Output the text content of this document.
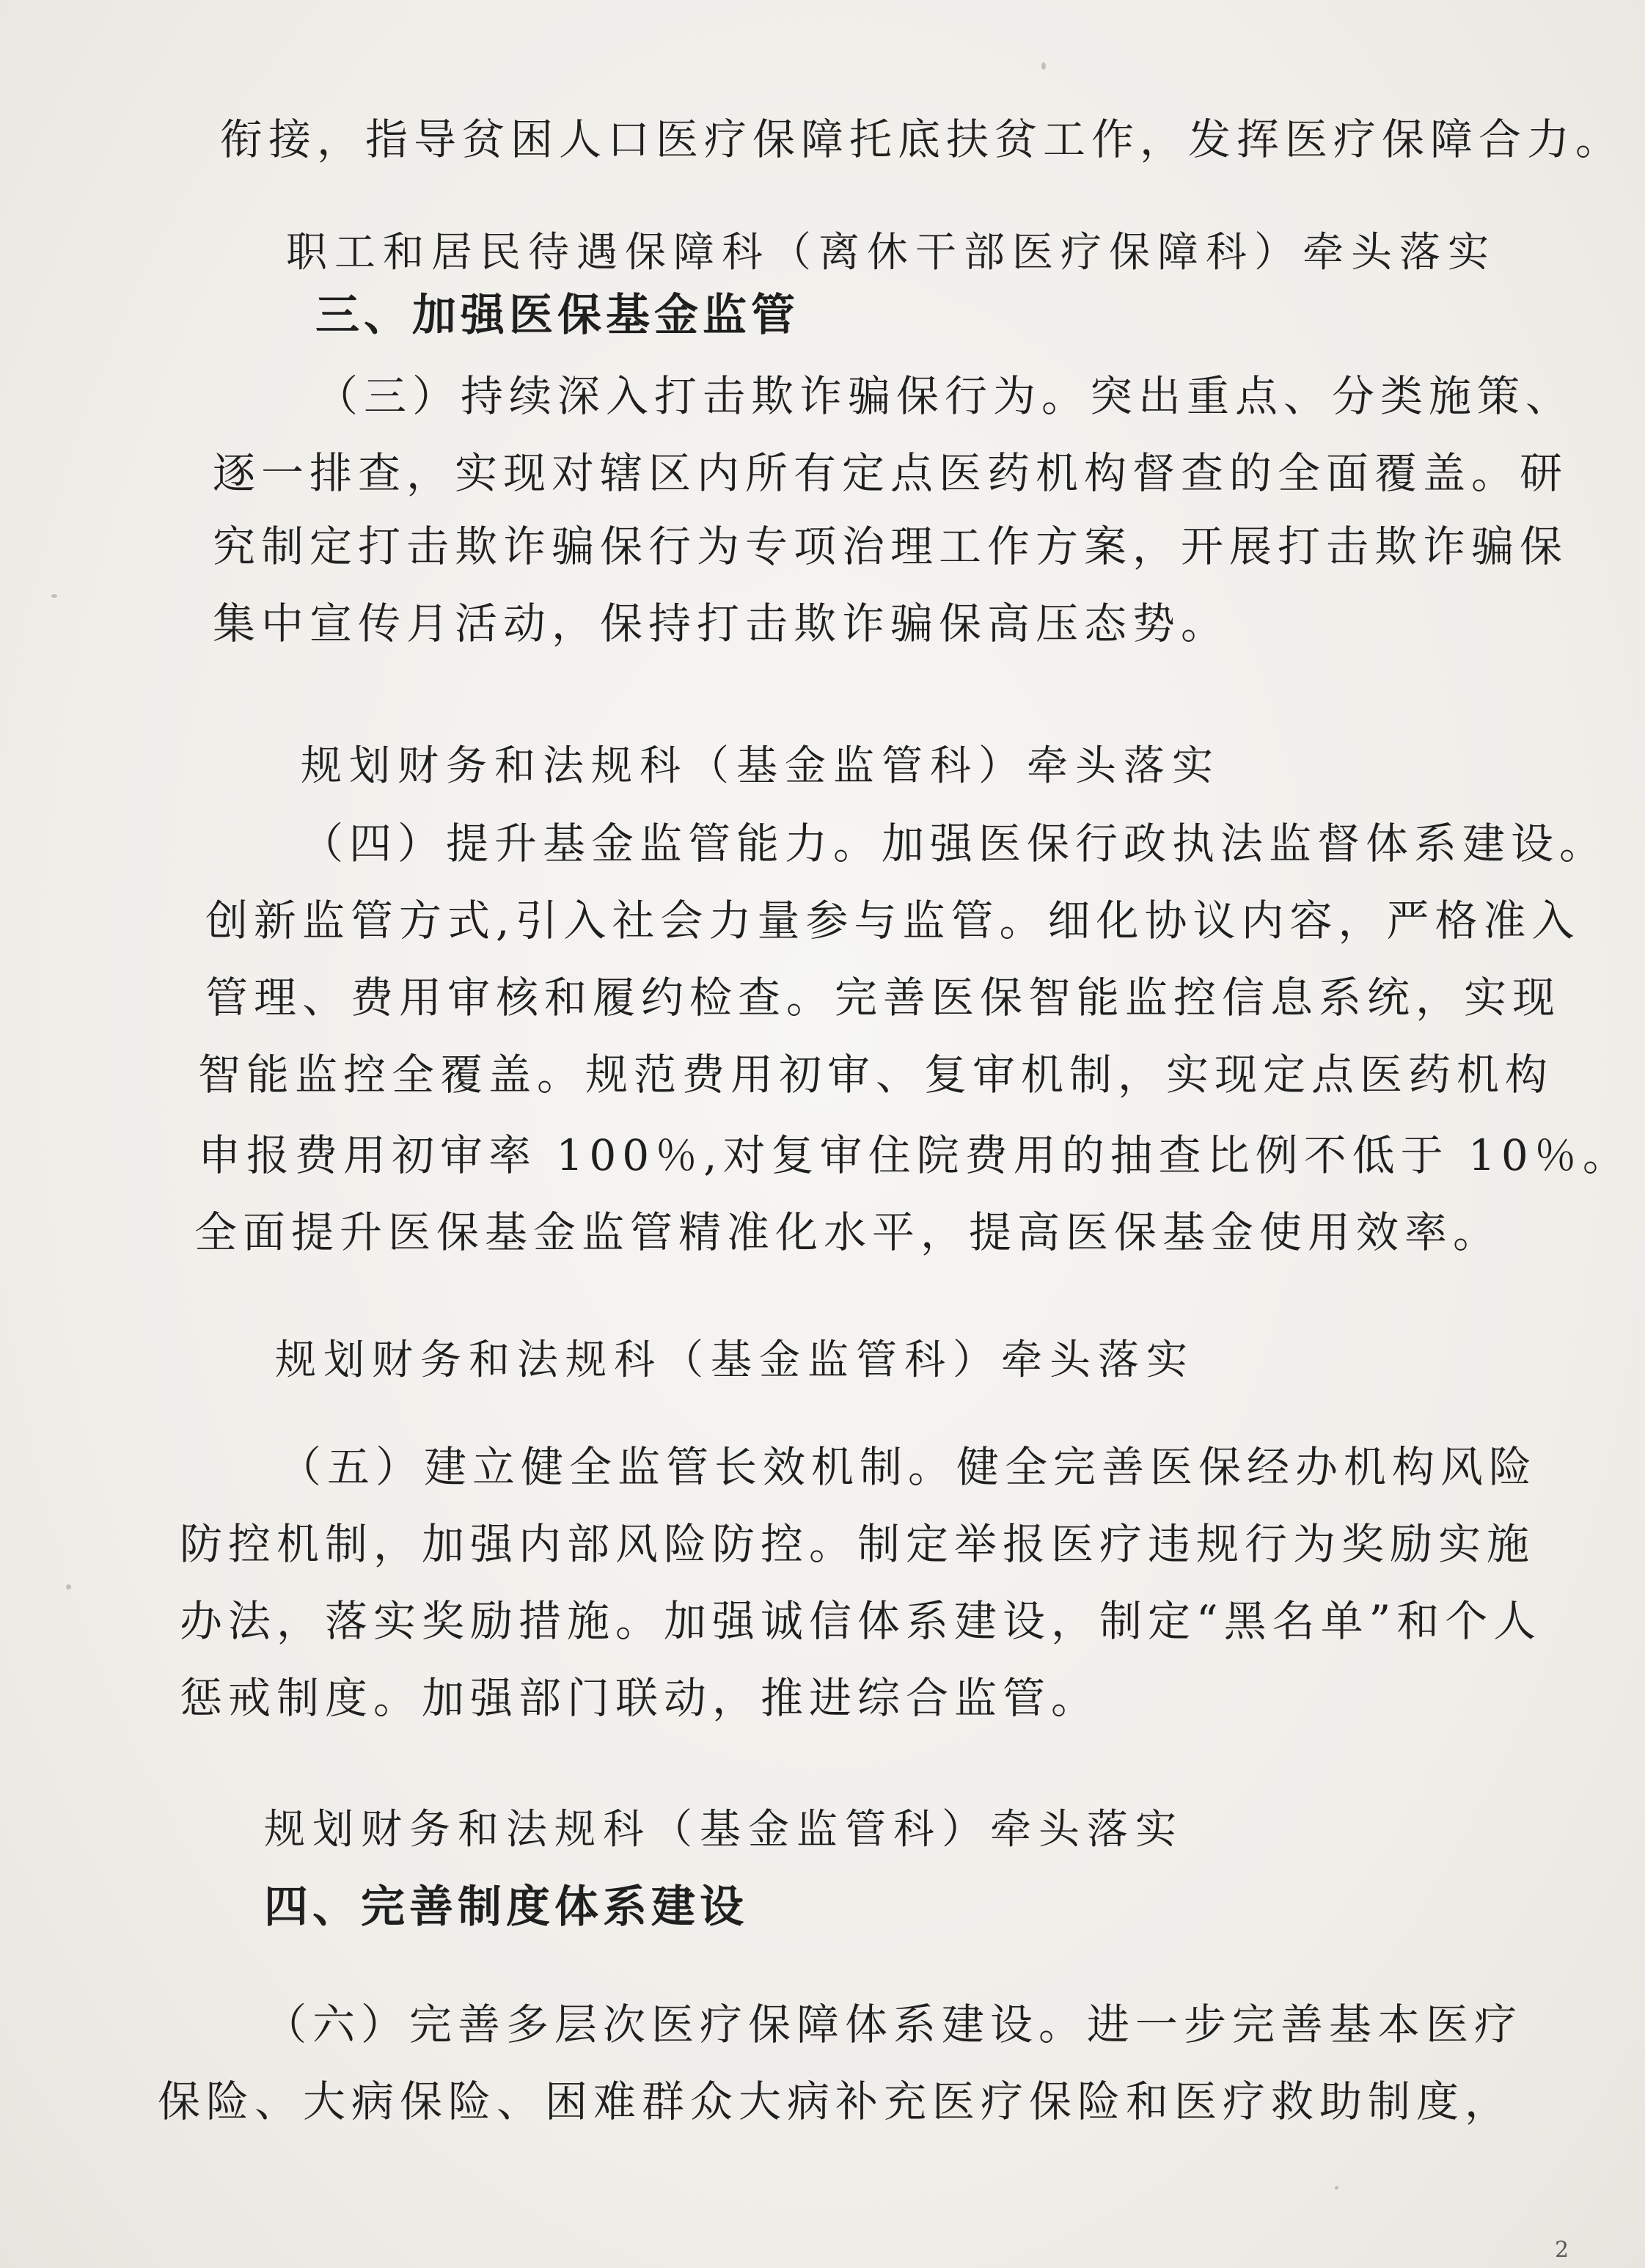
衔接，指导贫困人口医疗保障托底扶贫工作，发挥医疗保障合力。
职工和居民待遇保障科（离休干部医疗保障科）牵头落实
三、加强医保基金监管
（三）持续深入打击欺诈骗保行为。突出重点、分类施策、
逐一排查，实现对辖区内所有定点医药机构督查的全面覆盖。研
究制定打击欺诈骗保行为专项治理工作方案，开展打击欺诈骗保
集中宣传月活动，保持打击欺诈骗保高压态势。
规划财务和法规科（基金监管科）牵头落实
（四）提升基金监管能力。加强医保行政执法监督体系建设。
创新监管方式,引入社会力量参与监管。细化协议内容，严格准入
管理、费用审核和履约检查。完善医保智能监控信息系统，实现
智能监控全覆盖。规范费用初审、复审机制，实现定点医药机构
申报费用初审率 100％,对复审住院费用的抽查比例不低于 10％。
全面提升医保基金监管精准化水平，提高医保基金使用效率。
规划财务和法规科（基金监管科）牵头落实
（五）建立健全监管长效机制。健全完善医保经办机构风险
防控机制，加强内部风险防控。制定举报医疗违规行为奖励实施
办法，落实奖励措施。加强诚信体系建设，制定“黑名单”和个人
惩戒制度。加强部门联动，推进综合监管。
规划财务和法规科（基金监管科）牵头落实
四、完善制度体系建设
（六）完善多层次医疗保障体系建设。进一步完善基本医疗
保险、大病保险、困难群众大病补充医疗保险和医疗救助制度，
2
